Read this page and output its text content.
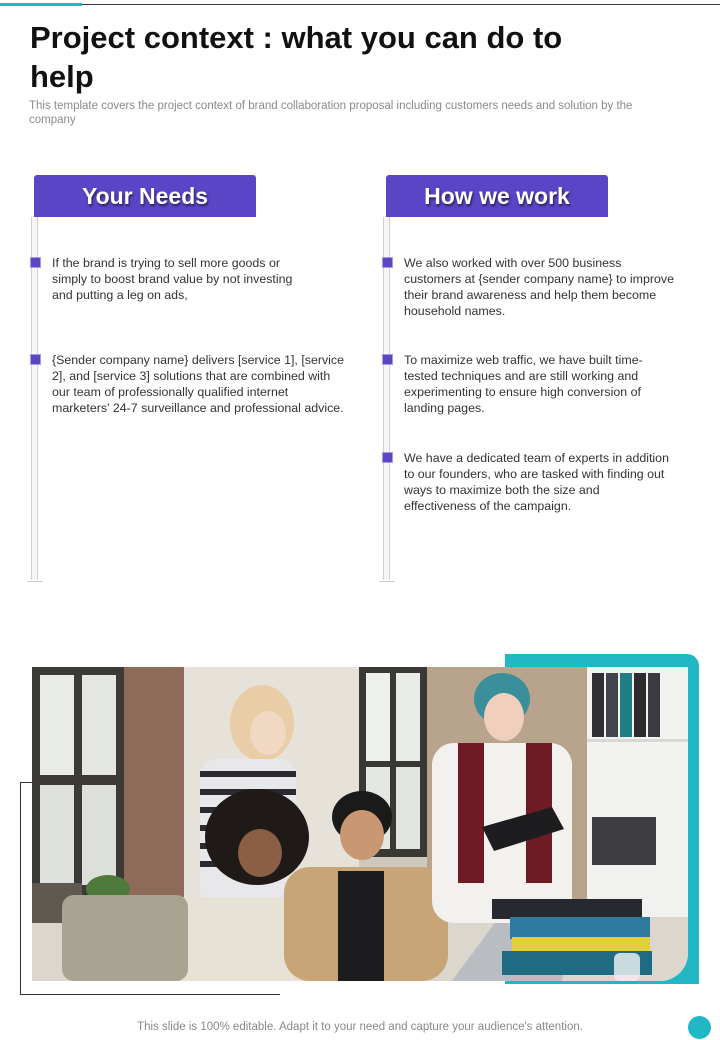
Project context : what you can do to help

This template covers the project context of brand collaboration proposal including customers needs and solution by the company

Your Needs

If the brand is trying to sell more goods or simply to boost brand value by not investing and putting a leg on ads,

{Sender company name} delivers [service 1], [service 2], and [service 3] solutions that are combined with our team of professionally qualified internet marketers' 24-7 surveillance and professional advice.

How we work

We also worked with over 500 business customers at {sender company name} to improve their brand awareness and help them become household names.

To maximize web traffic, we have built time-tested techniques and are still working and experimenting to ensure high conversion of landing pages.

We have a dedicated team of experts in addition to our founders, who are tasked with finding out ways to maximize both the size and effectiveness of the campaign.

This slide is 100% editable. Adapt it to your need and capture your audience's attention.
